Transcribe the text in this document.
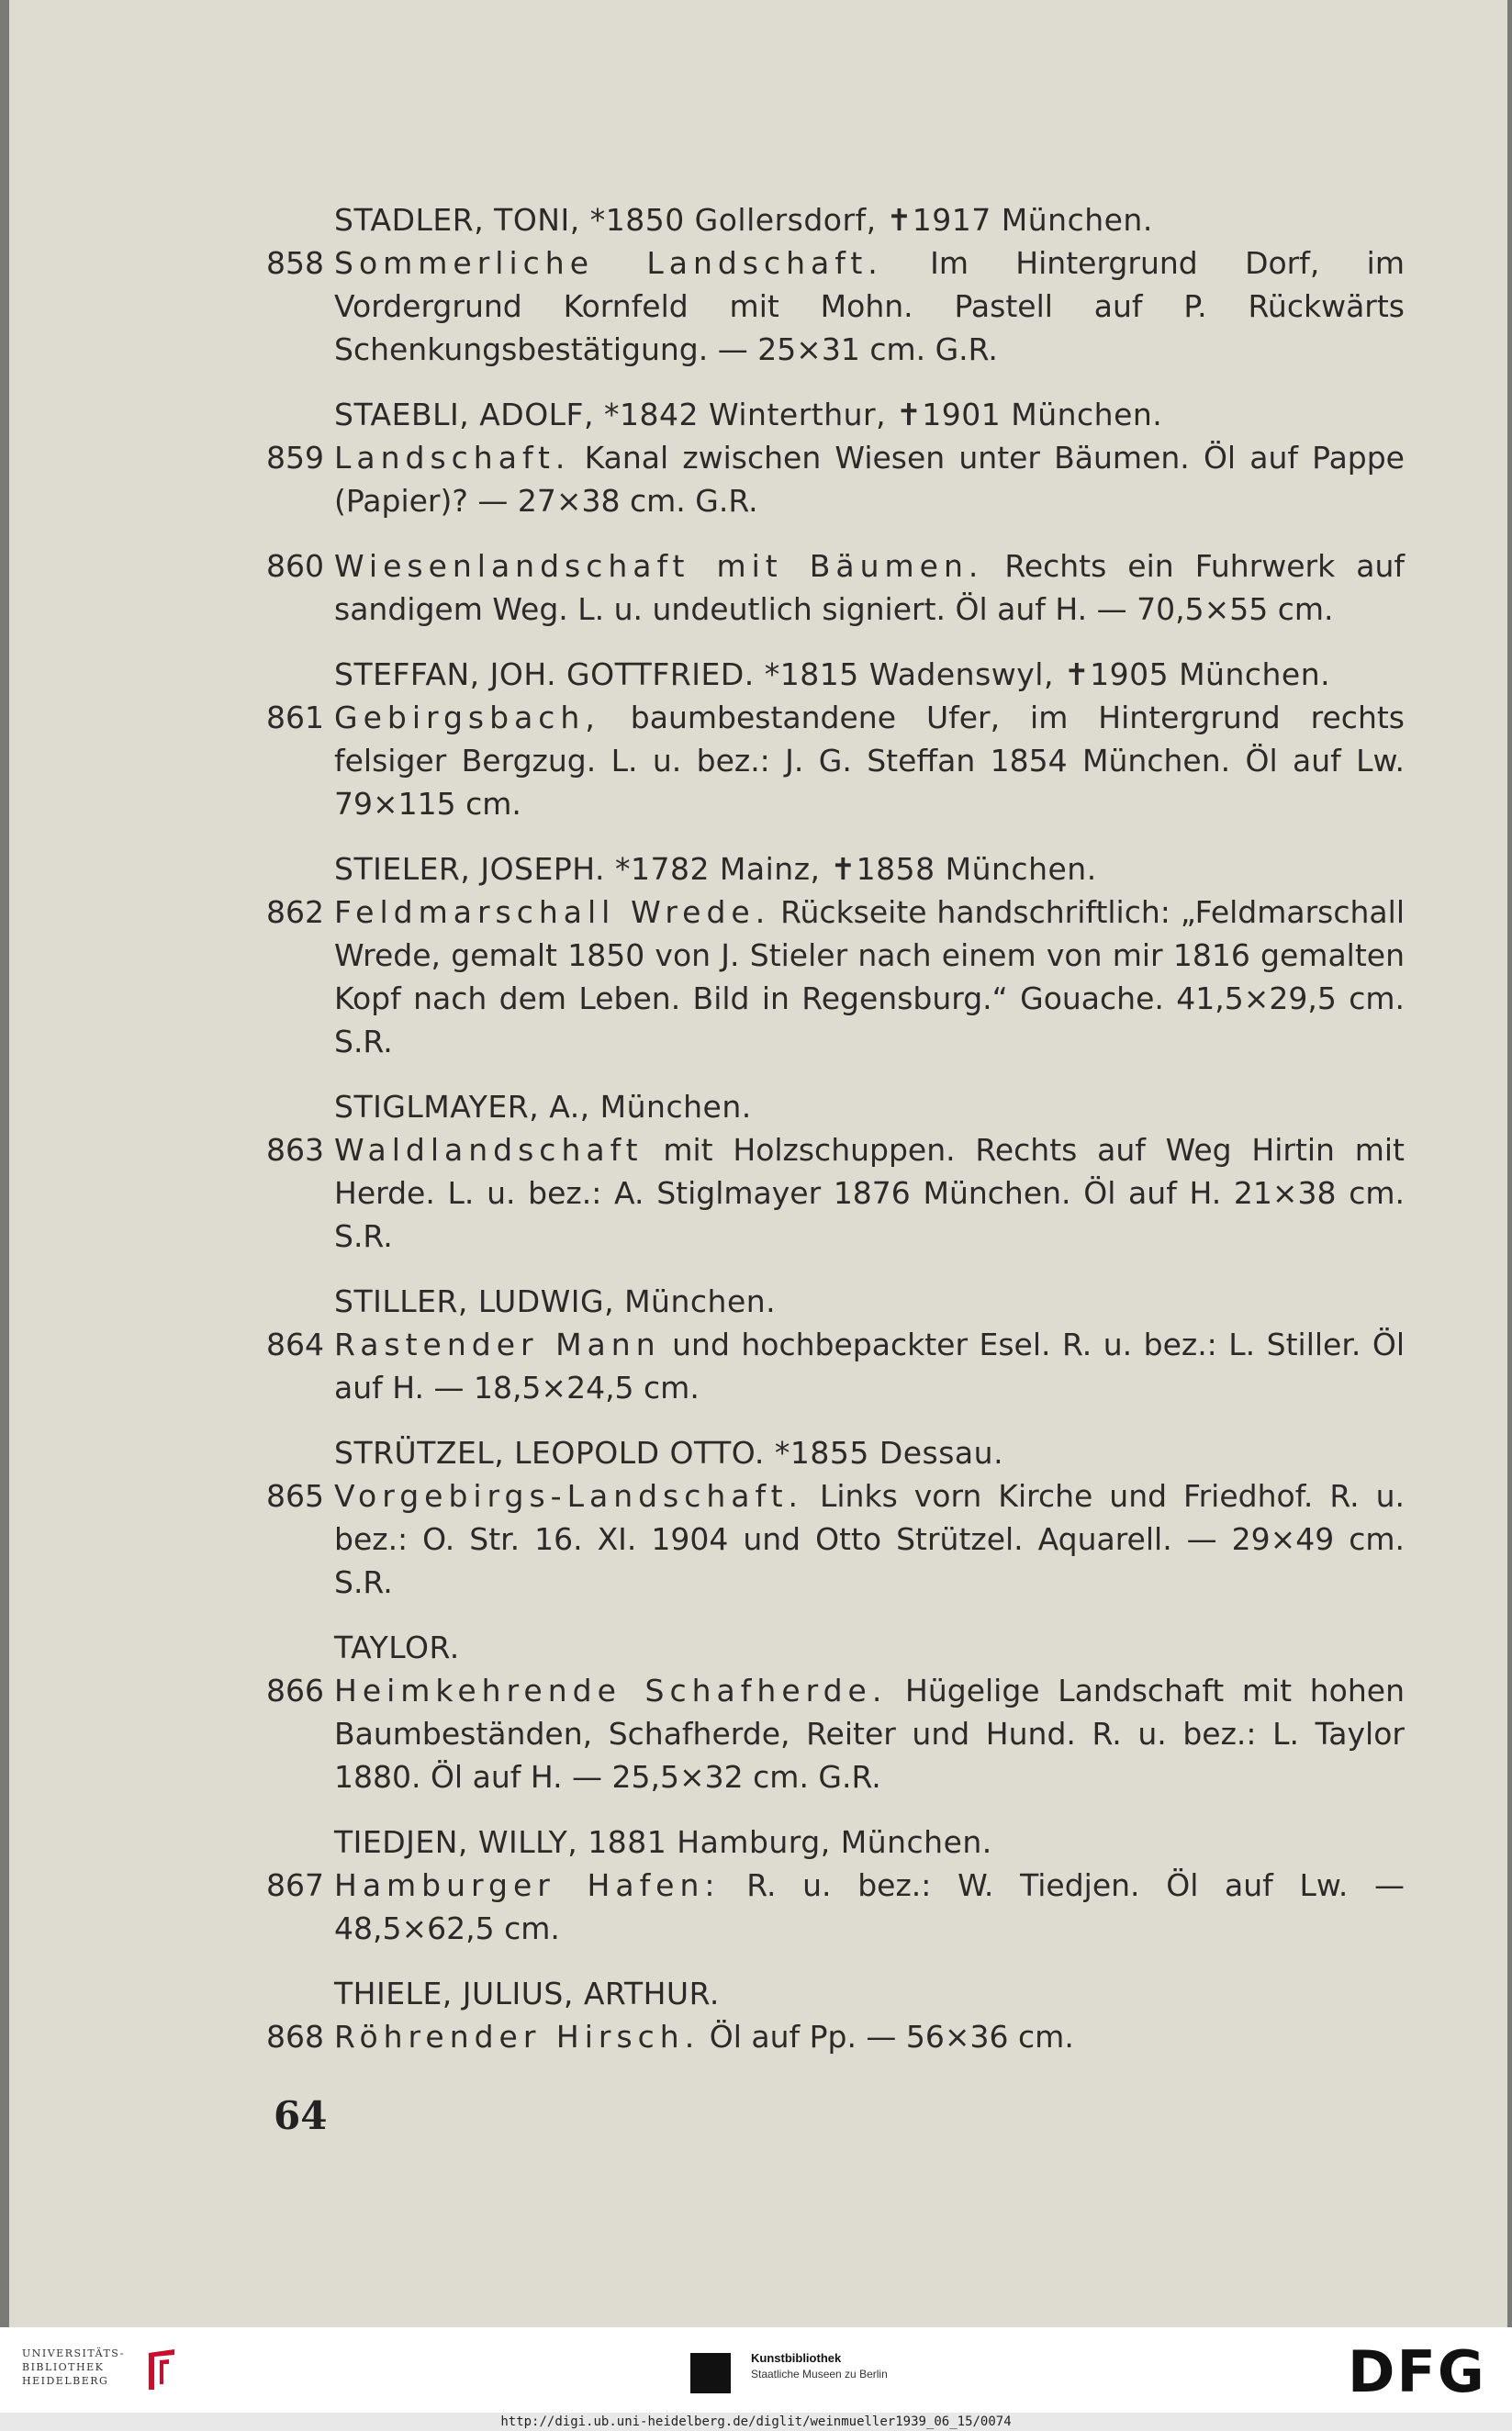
STADLER, TONI, *1850 Gollersdorf, ✝1917 München.
858 Sommerliche Landschaft. Im Hintergrund Dorf, im Vordergrund Kornfeld mit Mohn. Pastell auf P. Rückwärts Schenkungsbestätigung. — 25×31 cm. G.R.
STAEBLI, ADOLF, *1842 Winterthur, ✝1901 München.
859 Landschaft. Kanal zwischen Wiesen unter Bäumen. Öl auf Pappe (Papier)? — 27×38 cm. G.R.
860 Wiesenlandschaft mit Bäumen. Rechts ein Fuhrwerk auf sandigem Weg. L. u. undeutlich signiert. Öl auf H. — 70,5×55 cm.
STEFFAN, JOH. GOTTFRIED. *1815 Wadenswyl, ✝1905 München.
861 Gebirgsbach, baumbestandene Ufer, im Hintergrund rechts felsiger Bergzug. L. u. bez.: J. G. Steffan 1854 München. Öl auf Lw. 79×115 cm.
STIELER, JOSEPH. *1782 Mainz, ✝1858 München.
862 Feldmarschall Wrede. Rückseite handschriftlich: „Feldmarschall Wrede, gemalt 1850 von J. Stieler nach einem von mir 1816 gemalten Kopf nach dem Leben. Bild in Regensburg.“ Gouache. 41,5×29,5 cm. S.R.
STIGLMAYER, A., München.
863 Waldlandschaft mit Holzschuppen. Rechts auf Weg Hirtin mit Herde. L. u. bez.: A. Stiglmayer 1876 München. Öl auf H. 21×38 cm. S.R.
STILLER, LUDWIG, München.
864 Rastender Mann und hochbepackter Esel. R. u. bez.: L. Stiller. Öl auf H. — 18,5×24,5 cm.
STRÜTZEL, LEOPOLD OTTO. *1855 Dessau.
865 Vorgebirgs-Landschaft. Links vorn Kirche und Friedhof. R. u. bez.: O. Str. 16. XI. 1904 und Otto Strützel. Aquarell. — 29×49 cm. S.R.
TAYLOR.
866 Heimkehrende Schafherde. Hügelige Landschaft mit hohen Baumbeständen, Schafherde, Reiter und Hund. R. u. bez.: L. Taylor 1880. Öl auf H. — 25,5×32 cm. G.R.
TIEDJEN, WILLY, 1881 Hamburg, München.
867 Hamburger Hafen: R. u. bez.: W. Tiedjen. Öl auf Lw. — 48,5×62,5 cm.
THIELE, JULIUS, ARTHUR.
868 Röhrender Hirsch. Öl auf Pp. — 56×36 cm.
64
UNIVERSITÄTS-
BIBLIOTHEK
HEIDELBERG
Kunstbibliothek
Staatliche Museen zu Berlin	DFG
http://digi.ub.uni-heidelberg.de/diglit/weinmueller1939_06_15/0074
